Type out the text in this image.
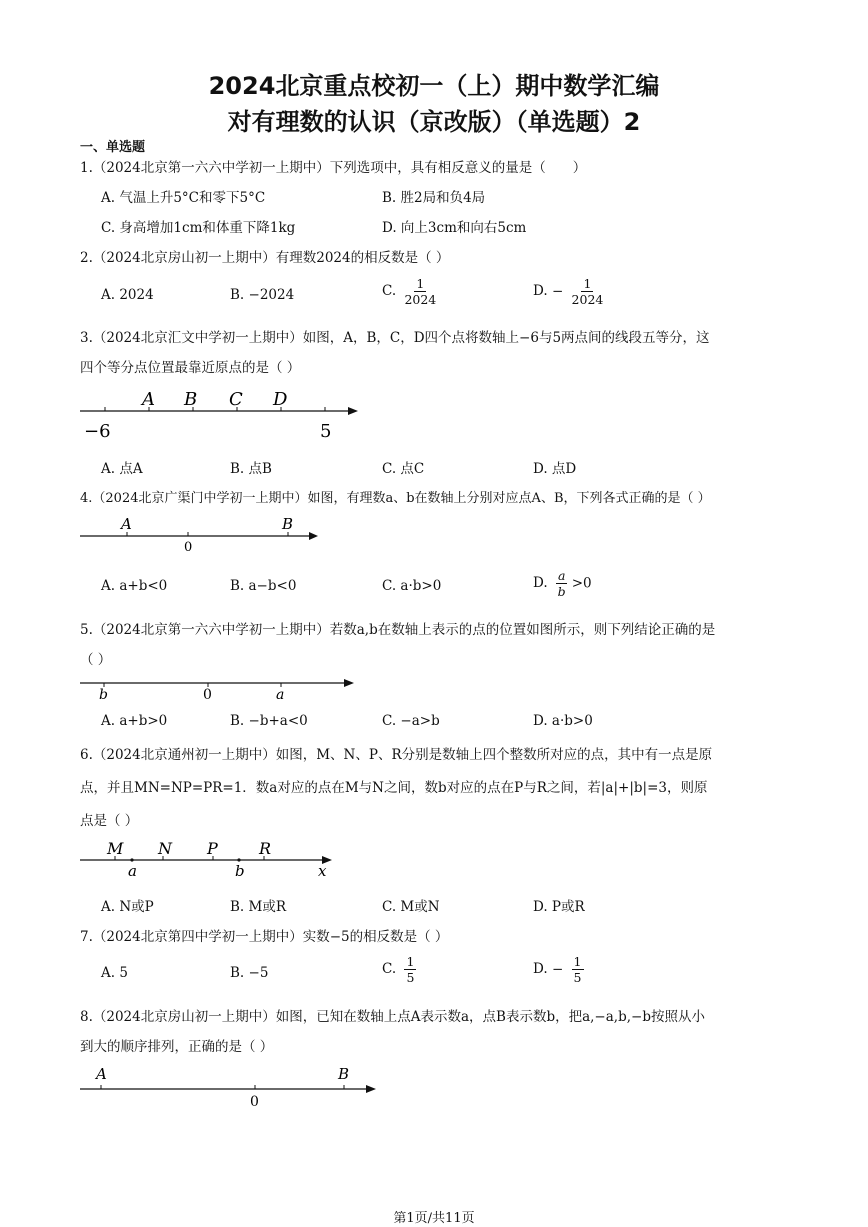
2024北京重点校初一（上）期中数学汇编
对有理数的认识（京改版）（单选题）2
一、单选题
1.（2024北京第一六六中学初一上期中）下列选项中，具有相反意义的量是（　　）
A. 气温上升5°C和零下5°C	B. 胜2局和负4局
C. 身高增加1cm和体重下降1kg	D. 向上3cm和向右5cm
2.（2024北京房山初一上期中）有理数2024的相反数是（ ）
A. 2024	B. −2024	C. $\frac{1}{2024}$	D. − $\frac{1}{2024}$
3.（2024北京汇文中学初一上期中）如图，A，B，C，D四个点将数轴上−6与5两点间的线段五等分，这
四个等分点位置最靠近原点的是（ ）
A B C D
−6	5
A. 点A	B. 点B	C. 点C	D. 点D
4.（2024北京广渠门中学初一上期中）如图，有理数a、b在数轴上分别对应点A、B，下列各式正确的是（ ）
A	B
0
A. a+b<0	B. a−b<0	C. a·b>0	D. $\frac{a}{b} >0$
5.（2024北京第一六六中学初一上期中）若数a,b在数轴上表示的点的位置如图所示，则下列结论正确的是
（ ）
b	0	a
A. a+b>0	B. −b+a<0	C. −a>b	D. a·b>0
6.（2024北京通州初一上期中）如图，M、N、P、R分别是数轴上四个整数所对应的点，其中有一点是原
点，并且MN=NP=PR=1．数a对应的点在M与N之间，数b对应的点在P与R之间，若|a|+|b|=3，则原
点是（ ）
M N P	R
a	b	x
A. N或P	B. M或R	C. M或N	D. P或R
7.（2024北京第四中学初一上期中）实数−5的相反数是（ ）
A. 5	B. −5	C. $\frac{1}{5}$	D. − $\frac{1}{5}$
8.（2024北京房山初一上期中）如图，已知在数轴上点A表示数a，点B表示数b，把a,−a,b,−b按照从小
到大的顺序排列，正确的是（ ）
A	B
0
第1页/共11页
